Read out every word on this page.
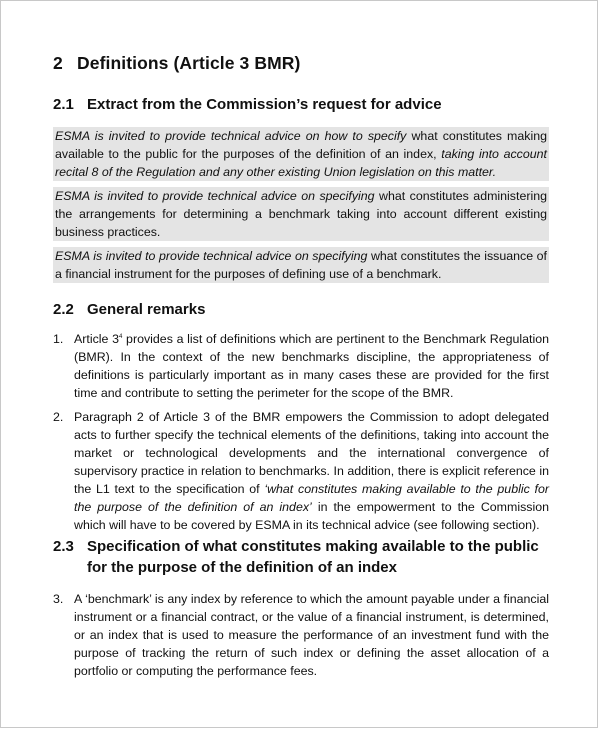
2 Definitions (Article 3 BMR)
2.1 Extract from the Commission’s request for advice
ESMA is invited to provide technical advice on how to specify what constitutes making available to the public for the purposes of the definition of an index, taking into account recital 8 of the Regulation and any other existing Union legislation on this matter.
ESMA is invited to provide technical advice on specifying what constitutes administering the arrangements for determining a benchmark taking into account different existing business practices.
ESMA is invited to provide technical advice on specifying what constitutes the issuance of a financial instrument for the purposes of defining use of a benchmark.
2.2 General remarks
1. Article $3^4$ provides a list of definitions which are pertinent to the Benchmark Regulation (BMR). In the context of the new benchmarks discipline, the appropriateness of definitions is particularly important as in many cases these are provided for the first time and contribute to setting the perimeter for the scope of the BMR.
2. Paragraph 2 of Article 3 of the BMR empowers the Commission to adopt delegated acts to further specify the technical elements of the definitions, taking into account the market or technological developments and the international convergence of supervisory practice in relation to benchmarks. In addition, there is explicit reference in the L1 text to the specification of ‘what constitutes making available to the public for the purpose of the definition of an index’ in the empowerment to the Commission which will have to be covered by ESMA in its technical advice (see following section).
2.3 Specification of what constitutes making available to the public
for the purpose of the definition of an index
3. A ‘benchmark’ is any index by reference to which the amount payable under a financial instrument or a financial contract, or the value of a financial instrument, is determined, or an index that is used to measure the performance of an investment fund with the purpose of tracking the return of such index or defining the asset allocation of a portfolio or computing the performance fees.
